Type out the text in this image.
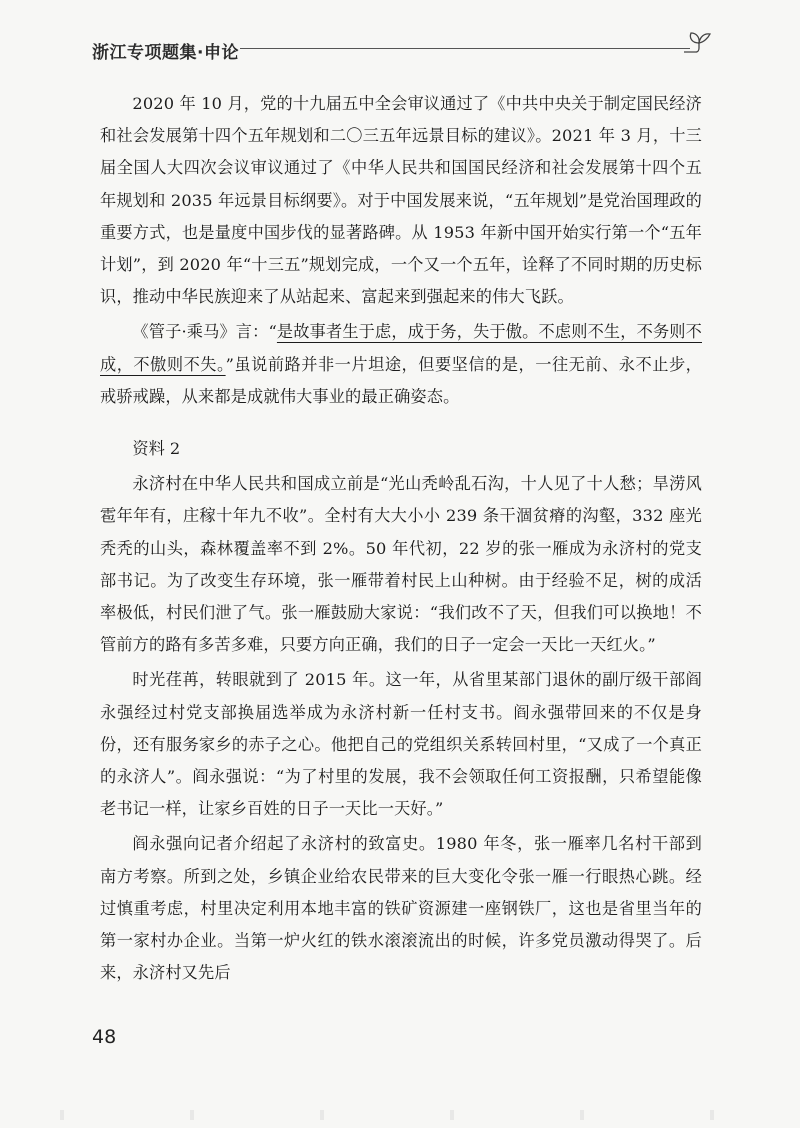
浙江专项题集·申论

2020 年 10 月，党的十九届五中全会审议通过了《中共中央关于制定国民经济和社会发展第十四个五年规划和二〇三五年远景目标的建议》。2021 年 3 月，十三届全国人大四次会议审议通过了《中华人民共和国国民经济和社会发展第十四个五年规划和 2035 年远景目标纲要》。对于中国发展来说，“五年规划”是党治国理政的重要方式，也是量度中国步伐的显著路碑。从 1953 年新中国开始实行第一个“五年计划”，到 2020 年“十三五”规划完成，一个又一个五年，诠释了不同时期的历史标识，推动中华民族迎来了从站起来、富起来到强起来的伟大飞跃。

《管子·乘马》言：“是故事者生于虑，成于务，失于傲。不虑则不生，不务则不成，不傲则不失。”虽说前路并非一片坦途，但要坚信的是，一往无前、永不止步，戒骄戒躁，从来都是成就伟大事业的最正确姿态。

资料 2

永济村在中华人民共和国成立前是“光山秃岭乱石沟，十人见了十人愁；旱涝风雹年年有，庄稼十年九不收”。全村有大大小小 239 条干涸贫瘠的沟壑，332 座光秃秃的山头，森林覆盖率不到 2%。50 年代初，22 岁的张一雁成为永济村的党支部书记。为了改变生存环境，张一雁带着村民上山种树。由于经验不足，树的成活率极低，村民们泄了气。张一雁鼓励大家说：“我们改不了天，但我们可以换地！不管前方的路有多苦多难，只要方向正确，我们的日子一定会一天比一天红火。”

时光荏苒，转眼就到了 2015 年。这一年，从省里某部门退休的副厅级干部阎永强经过村党支部换届选举成为永济村新一任村支书。阎永强带回来的不仅是身份，还有服务家乡的赤子之心。他把自己的党组织关系转回村里，“又成了一个真正的永济人”。阎永强说：“为了村里的发展，我不会领取任何工资报酬，只希望能像老书记一样，让家乡百姓的日子一天比一天好。”

阎永强向记者介绍起了永济村的致富史。1980 年冬，张一雁率几名村干部到南方考察。所到之处，乡镇企业给农民带来的巨大变化令张一雁一行眼热心跳。经过慎重考虑，村里决定利用本地丰富的铁矿资源建一座钢铁厂，这也是省里当年的第一家村办企业。当第一炉火红的铁水滚滚流出的时候，许多党员激动得哭了。后来，永济村又先后

48
